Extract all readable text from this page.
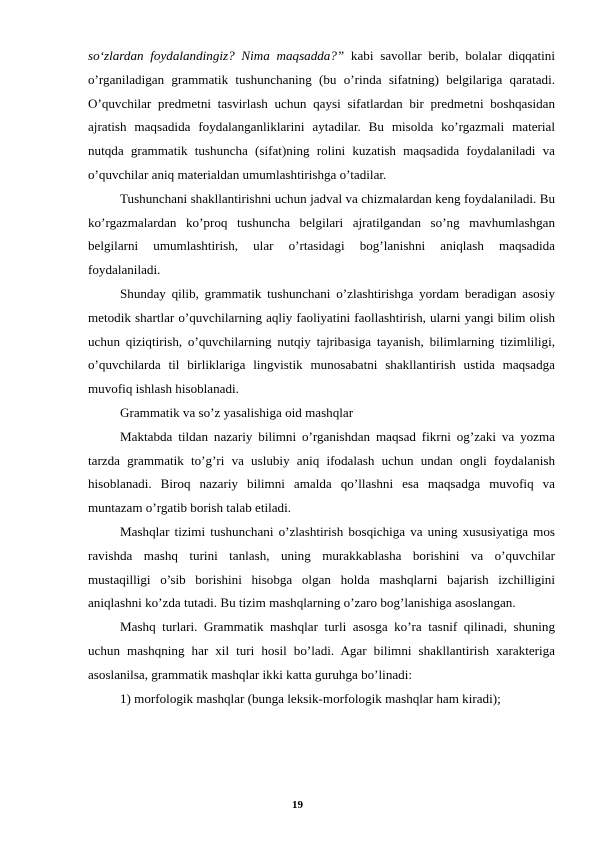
so‘zlardan foydalandingiz? Nima maqsadda?” kabi savollar berib, bolalar diqqatini o’rganiladigan grammatik tushunchaning (bu o’rinda sifatning) belgilariga qaratadi. O’quvchilar predmetni tasvirlash uchun qaysi sifatlardan bir predmetni boshqasidan ajratish maqsadida foydalanganliklarini aytadilar. Bu misolda ko’rgazmali material nutqda grammatik tushuncha (sifat)ning rolini kuzatish maqsadida foydalaniladi va o’quvchilar aniq materialdan umumlashtirishga o’tadilar.

Tushunchani shakllantirishni uchun jadval va chizmalardan keng foydalaniladi. Bu ko’rgazmalardan ko’proq tushuncha belgilari ajratilgandan so’ng mavhumlashgan belgilarni umumlashtirish, ular o’rtasidagi bog’lanishni aniqlash maqsadida foydalaniladi.

Shunday qilib, grammatik tushunchani o’zlashtirishga yordam beradigan asosiy metodik shartlar o’quvchilarning aqliy faoliyatini faollashtirish, ularni yangi bilim olish uchun qiziqtirish, o’quvchilarning nutqiy tajribasiga tayanish, bilimlarning tizimliligi, o’quvchilarda til birliklariga lingvistik munosabatni shakllantirish ustida maqsadga muvofiq ishlash hisoblanadi.

Grammatik va so’z yasalishiga oid mashqlar

Maktabda tildan nazariy bilimni o’rganishdan maqsad fikrni og’zaki va yozma tarzda grammatik to’g’ri va uslubiy aniq ifodalash uchun undan ongli foydalanish hisoblanadi. Biroq nazariy bilimni amalda qo’llashni esa maqsadga muvofiq va muntazam o’rgatib borish talab etiladi.

Mashqlar tizimi tushunchani o’zlashtirish bosqichiga va uning xususiyatiga mos ravishda mashq turini tanlash, uning murakkablasha borishini va o’quvchilar mustaqilligi o’sib borishini hisobga olgan holda mashqlarni bajarish izchilligini aniqlashni ko’zda tutadi. Bu tizim mashqlarning o’zaro bog’lanishiga asoslangan.

Mashq turlari. Grammatik mashqlar turli asosga ko’ra tasnif qilinadi, shuning uchun mashqning har xil turi hosil bo’ladi. Agar bilimni shakllantirish xarakteriga asoslanilsa, grammatik mashqlar ikki katta guruhga bo’linadi:

1) morfologik mashqlar (bunga leksik-morfologik mashqlar ham kiradi);

19
